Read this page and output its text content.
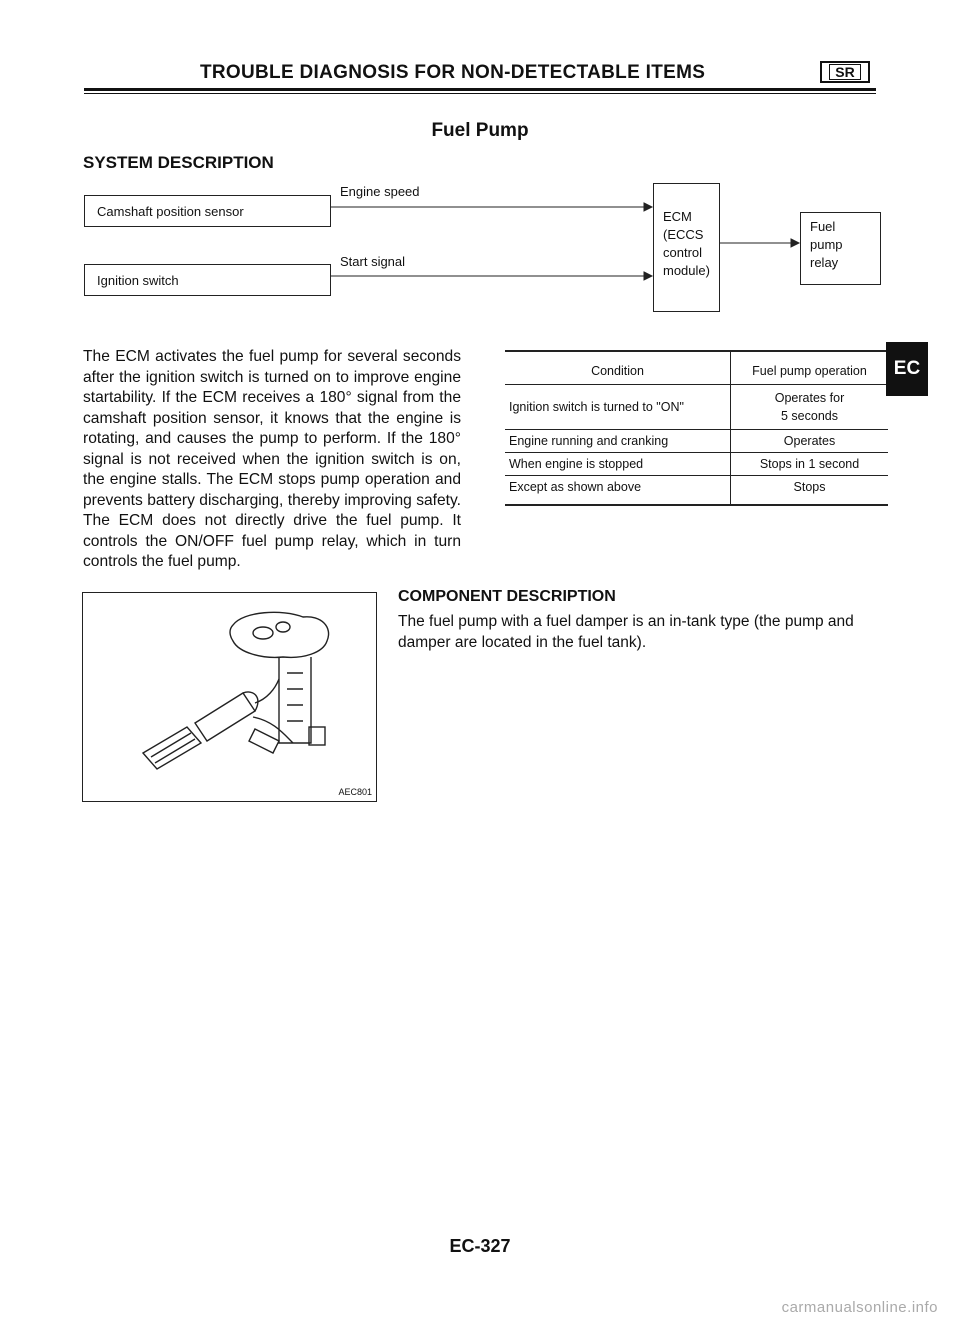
TROUBLE DIAGNOSIS FOR NON-DETECTABLE ITEMS	SR
Fuel Pump
SYSTEM DESCRIPTION
Camshaft position sensor
Ignition switch
Engine speed
Start signal
ECM
(ECCS
control
module)
Fuel
pump
relay
The ECM activates the fuel pump for several seconds after the ignition switch is turned on to improve engine startability. If the ECM receives a 180° signal from the camshaft position sensor, it knows that the engine is rotating, and causes the pump to perform. If the 180° signal is not received when the ignition switch is on, the engine stalls. The ECM stops pump operation and prevents battery discharging, thereby improving safety. The ECM does not directly drive the fuel pump. It controls the ON/OFF fuel pump relay, which in turn controls the fuel pump.
Condition	Fuel pump operation
Ignition switch is turned to "ON"	Operates for
5 seconds

Engine running and cranking	Operates
When engine is stopped	Stops in 1 second
Except as shown above	Stops
EC
AEC801
COMPONENT DESCRIPTION
The fuel pump with a fuel damper is an in-tank type (the pump and damper are located in the fuel tank).
EC-327
carmanualsonline.info
